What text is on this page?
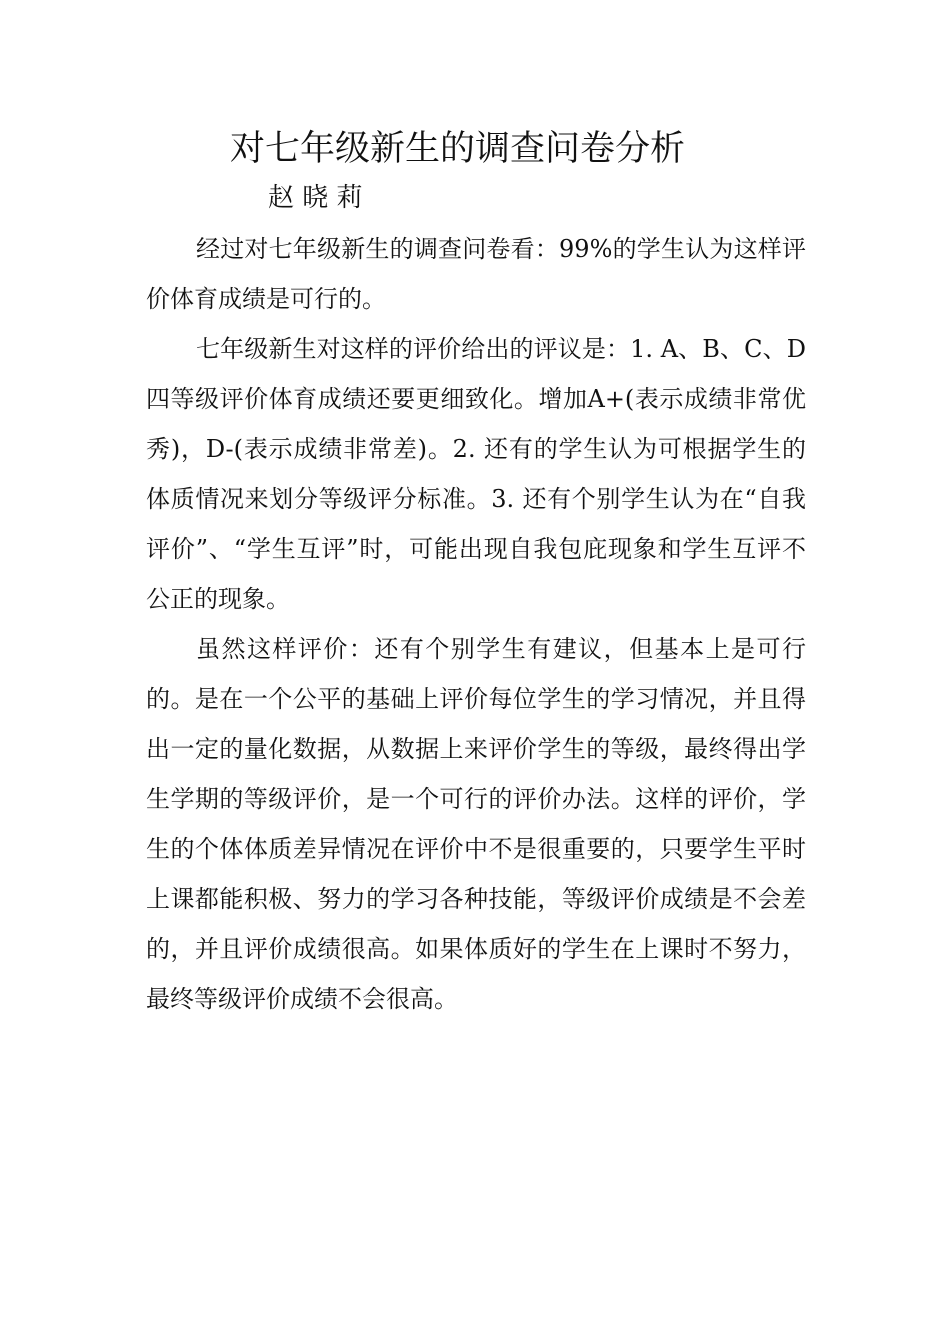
对七年级新生的调查问卷分析
赵 晓 莉

经过对七年级新生的调查问卷看：99%的学生认为这样评价体育成绩是可行的。

七年级新生对这样的评价给出的评议是：1. A、B、C、D四等级评价体育成绩还要更细致化。增加A+(表示成绩非常优秀)，D-(表示成绩非常差)。2. 还有的学生认为可根据学生的体质情况来划分等级评分标准。3. 还有个别学生认为在“自我评价”、“学生互评”时，可能出现自我包庇现象和学生互评不公正的现象。

虽然这样评价：还有个别学生有建议，但基本上是可行的。是在一个公平的基础上评价每位学生的学习情况，并且得出一定的量化数据，从数据上来评价学生的等级，最终得出学生学期的等级评价，是一个可行的评价办法。这样的评价，学生的个体体质差异情况在评价中不是很重要的，只要学生平时上课都能积极、努力的学习各种技能，等级评价成绩是不会差的，并且评价成绩很高。如果体质好的学生在上课时不努力，最终等级评价成绩不会很高。
